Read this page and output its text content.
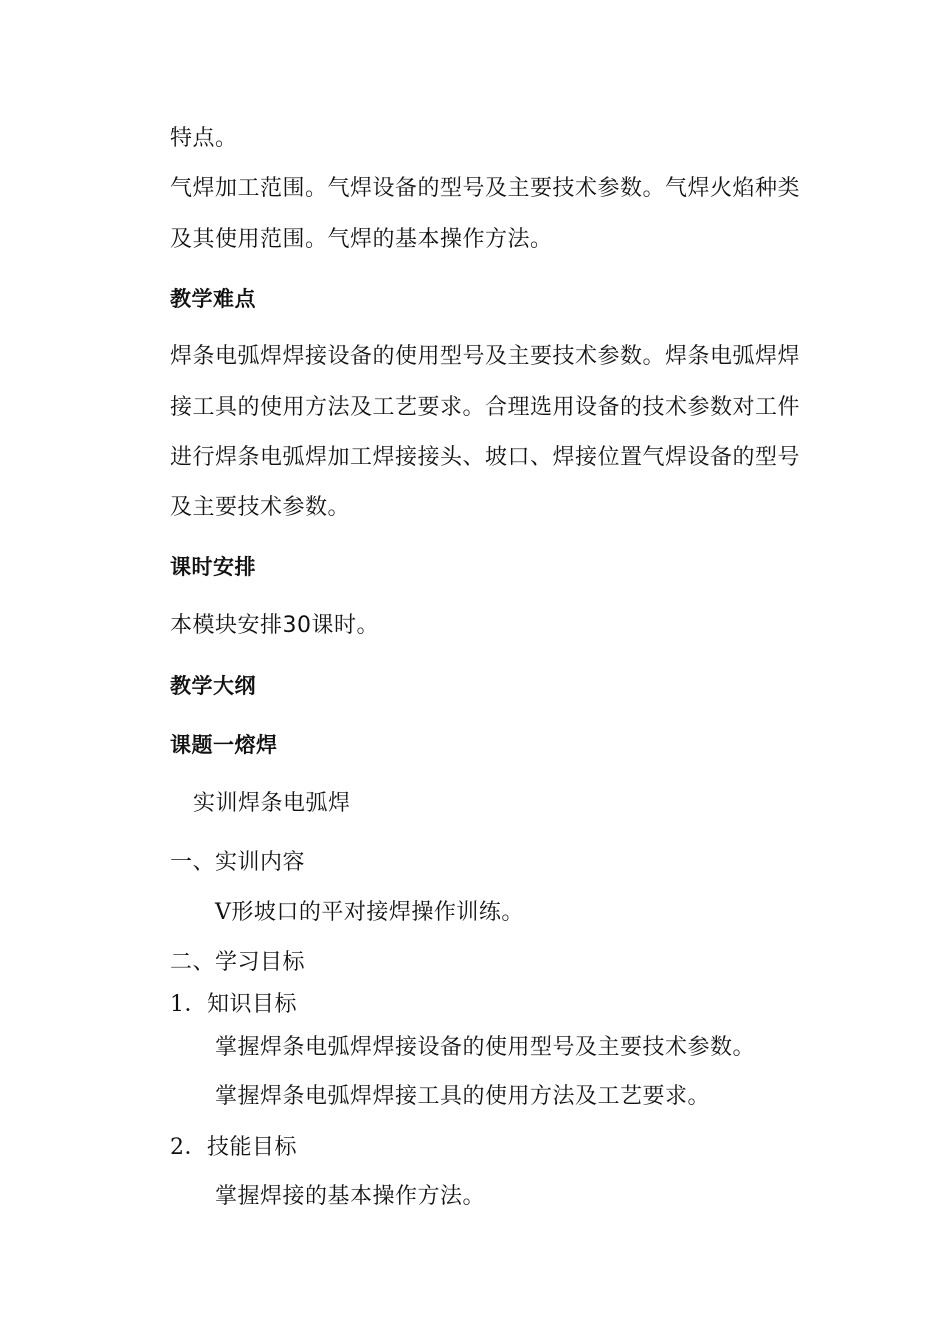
特点。
气焊加工范围。气焊设备的型号及主要技术参数。气焊火焰种类
及其使用范围。气焊的基本操作方法。
教学难点
焊条电弧焊焊接设备的使用型号及主要技术参数。焊条电弧焊焊
接工具的使用方法及工艺要求。合理选用设备的技术参数对工件
进行焊条电弧焊加工焊接接头、坡口、焊接位置气焊设备的型号
及主要技术参数。
课时安排
本模块安排30课时。
教学大纲
课题一熔焊
实训焊条电弧焊
一、实训内容
V形坡口的平对接焊操作训练。
二、学习目标
1．知识目标
掌握焊条电弧焊焊接设备的使用型号及主要技术参数。
掌握焊条电弧焊焊接工具的使用方法及工艺要求。
2．技能目标
掌握焊接的基本操作方法。
